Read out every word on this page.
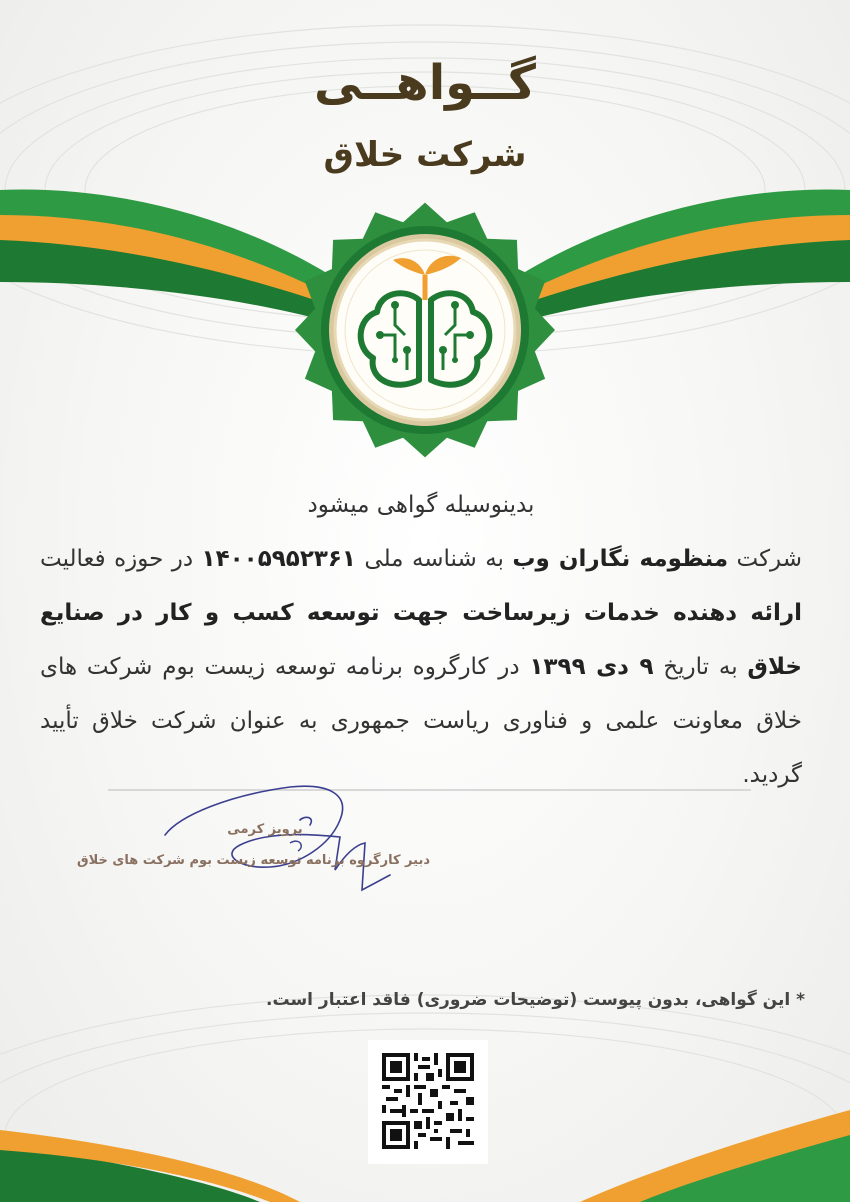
گــواهــی
شرکت خلاق
بدینوسیله گواهی میشود
شرکت منظومه نگاران وب به شناسه ملی ۱۴۰۰۵۹۵۲۳۶۱ در حوزه فعالیت ارائه دهنده خدمات زیرساخت جهت توسعه کسب و کار در صنایع خلاق به تاریخ ۹ دی ۱۳۹۹ در کارگروه برنامه توسعه زیست بوم شرکت های خلاق معاونت علمی و فناوری ریاست جمهوری به عنوان شرکت خلاق تأیید گردید.
پرویز کرمی
دبیر کارگروه برنامه توسعه زیست بوم شرکت های خلاق
* این گواهی، بدون پیوست (توضیحات ضروری) فاقد اعتبار است.
